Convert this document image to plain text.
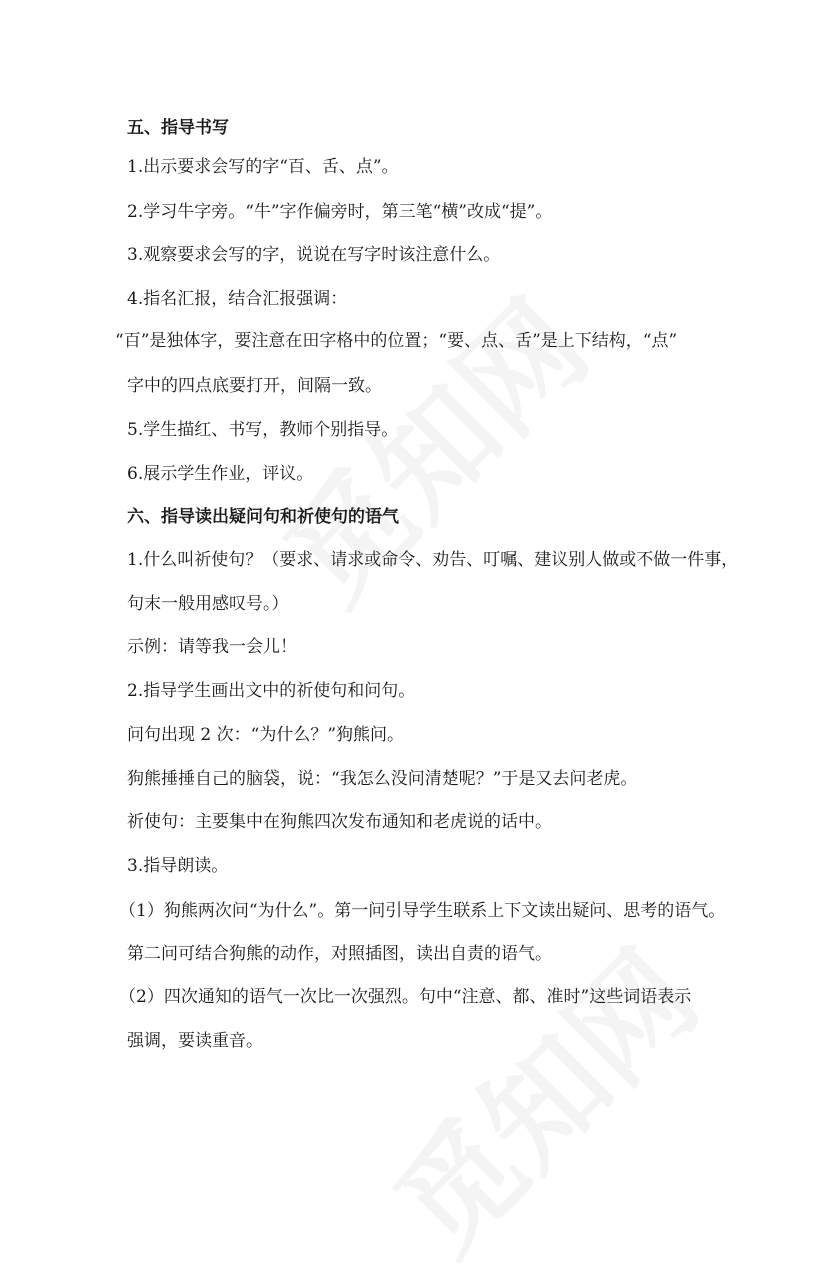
五、指导书写
1.出示要求会写的字“百、舌、点”。
2.学习牛字旁。“牛”字作偏旁时，第三笔“横”改成“提”。
3.观察要求会写的字，说说在写字时该注意什么。
4.指名汇报，结合汇报强调：
“百”是独体字，要注意在田字格中的位置；“要、点、舌”是上下结构，“点”
字中的四点底要打开，间隔一致。
5.学生描红、书写，教师个别指导。
6.展示学生作业，评议。
六、指导读出疑问句和祈使句的语气
1.什么叫祈使句？（要求、请求或命令、劝告、叮嘱、建议别人做或不做一件事，
句末一般用感叹号。）
示例：请等我一会儿！
2.指导学生画出文中的祈使句和问句。
问句出现 2 次：“为什么？”狗熊问。
狗熊捶捶自己的脑袋，说：“我怎么没问清楚呢？”于是又去问老虎。
祈使句：主要集中在狗熊四次发布通知和老虎说的话中。
3.指导朗读。
（1）狗熊两次问“为什么”。第一问引导学生联系上下文读出疑问、思考的语气。
第二问可结合狗熊的动作，对照插图，读出自责的语气。
（2）四次通知的语气一次比一次强烈。句中“注意、都、准时”这些词语表示
强调，要读重音。
